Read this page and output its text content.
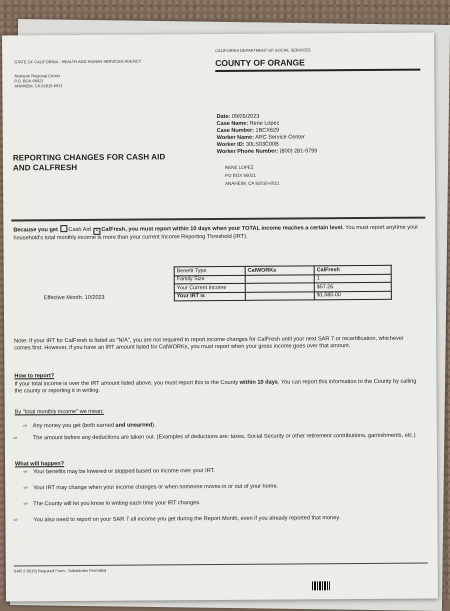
STATE OF CALIFORNIA - HEALTH AND HUMAN SERVICES AGENCY
CALIFORNIA DEPARTMENT OF SOCIAL SERVICES
COUNTY OF ORANGE
Anaheim Regional Center
P.O. BOX 66021
ANAHEIM, CA 92816-6021
Date: 09/05/2023
Case Name: Rene Lopez
Case Number: 1BCX629
Worker Name: ARC Service Center
Worker ID: 30LS03C00B
Worker Phone Number: (800) 281-9799
REPORTING CHANGES FOR CASH AID
AND CALFRESH	RENE LOPEZ
PO BOX 66021
ANAHEIM, CA 92816-6021
Because you get Cash Aid × CalFresh, you must report within 10 days when your TOTAL income reaches a certain level. You must report anytime your household's total monthly income is more than your current Income Reporting Threshold (IRT).
Effective Month: 10/2023
Benefit Type	CalWORKs	CalFresh
Family Size		1
Your Current Income		$57.26
Your IRT is		$1,580.00
Note: If your IRT for CalFresh is listed as "N/A", you are not required to report income changes for CalFresh until your next SAR 7 or recertification, whichever comes first. However, if you have an IRT amount listed for CalWORKs, you must report when your gross income goes over that amount.
How to report?
If your total income is over the IRT amount listed above, you must report this to the County within 10 days. You can report this information to the County by calling the county or reporting it in writing.
By "total monthly income" we mean:
➾ Any money you get (both earned and unearned).
➾	The amount before any deductions are taken out. (Examples of deductions are: taxes, Social Security or other retirement contributions, garnishments, etc.)
What will happen?
➾ Your benefits may be lowered or stopped based on income over your IRT.
➾ Your IRT may change when your income changes or when someone moves in or out of your home.
➾ The County will let you know in writing each time your IRT changes.
➾	You also need to report on your SAR 7 all income you get during the Report Month, even if you already reported that money.
SAR 2 (6/19) Required Form - Substitutes Permitted
